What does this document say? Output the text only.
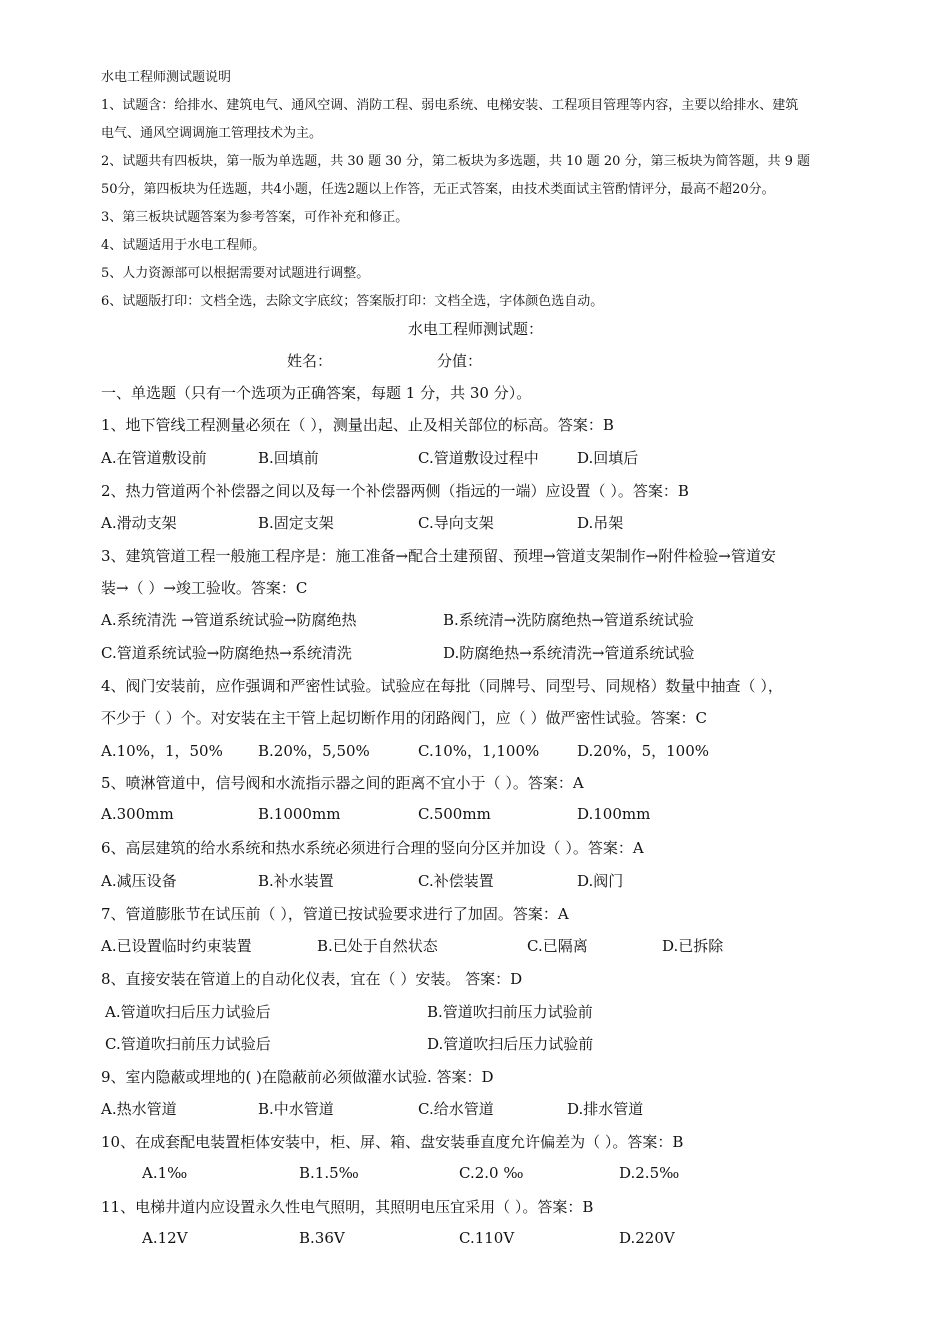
水电工程师测试题说明
1、试题含：给排水、建筑电气、通风空调、消防工程、弱电系统、电梯安装、工程项目管理等内容，主要以给排水、建筑
电气、通风空调调施工管理技术为主。
2、试题共有四板块，第一版为单选题，共 30 题 30 分，第二板块为多选题，共 10 题 20 分，第三板块为简答题，共 9 题
50分，第四板块为任选题，共4小题，任选2题以上作答，无正式答案，由技术类面试主管酌情评分，最高不超20分。
3、第三板块试题答案为参考答案，可作补充和修正。
4、试题适用于水电工程师。
5、人力资源部可以根据需要对试题进行调整。
6、试题版打印：文档全选，去除文字底纹；答案版打印：文档全选，字体颜色选自动。
水电工程师测试题：
姓名：	分值：
一、单选题（只有一个选项为正确答案，每题 1 分，共 30 分）。
1、地下管线工程测量必须在（ ），测量出起、止及相关部位的标高。答案：B
A.在管道敷设前	B.回填前	C.管道敷设过程中	D.回填后
2、热力管道两个补偿器之间以及每一个补偿器两侧（指远的一端）应设置（ ）。答案：B
A.滑动支架	B.固定支架	C.导向支架	D.吊架
3、建筑管道工程一般施工程序是：施工准备→配合土建预留、预埋→管道支架制作→附件检验→管道安
装→（ ）→竣工验收。答案：C
A.系统清洗 →管道系统试验→防腐绝热	B.系统清→洗防腐绝热→管道系统试验
C.管道系统试验→防腐绝热→系统清洗	D.防腐绝热→系统清洗→管道系统试验
4、阀门安装前，应作强调和严密性试验。试验应在每批（同牌号、同型号、同规格）数量中抽查（ ），
不少于（ ）个。对安装在主干管上起切断作用的闭路阀门，应（ ）做严密性试验。答案：C
A.10%，1，50% B.20%，5,50%	C.10%，1,100%	D.20%，5，100%
5、喷淋管道中，信号阀和水流指示器之间的距离不宜小于（ ）。答案：A
A.300mm	B.1000mm	C.500mm	D.100mm
6、高层建筑的给水系统和热水系统必须进行合理的竖向分区并加设（ ）。答案：A
A.减压设备	B.补水装置	C.补偿装置	D.阀门
7、管道膨胀节在试压前（ ），管道已按试验要求进行了加固。答案：A
A.已设置临时约束装置	B.已处于自然状态	C.已隔离	D.已拆除
8、直接安装在管道上的自动化仪表，宜在（ ）安装。 答案：D
A.管道吹扫后压力试验后	B.管道吹扫前压力试验前
C.管道吹扫前压力试验后	D.管道吹扫后压力试验前
9、室内隐蔽或埋地的( )在隐蔽前必须做灌水试验. 答案：D
A.热水管道	B.中水管道	C.给水管道	D.排水管道
10、在成套配电装置柜体安装中，柜、屏、箱、盘安装垂直度允许偏差为（ ）。答案：B
A.1‰	B.1.5‰	C.2.0 ‰	D.2.5‰
11、电梯井道内应设置永久性电气照明，其照明电压宜采用（ ）。答案：B
A.12V	B.36V	C.110V	D.220V
